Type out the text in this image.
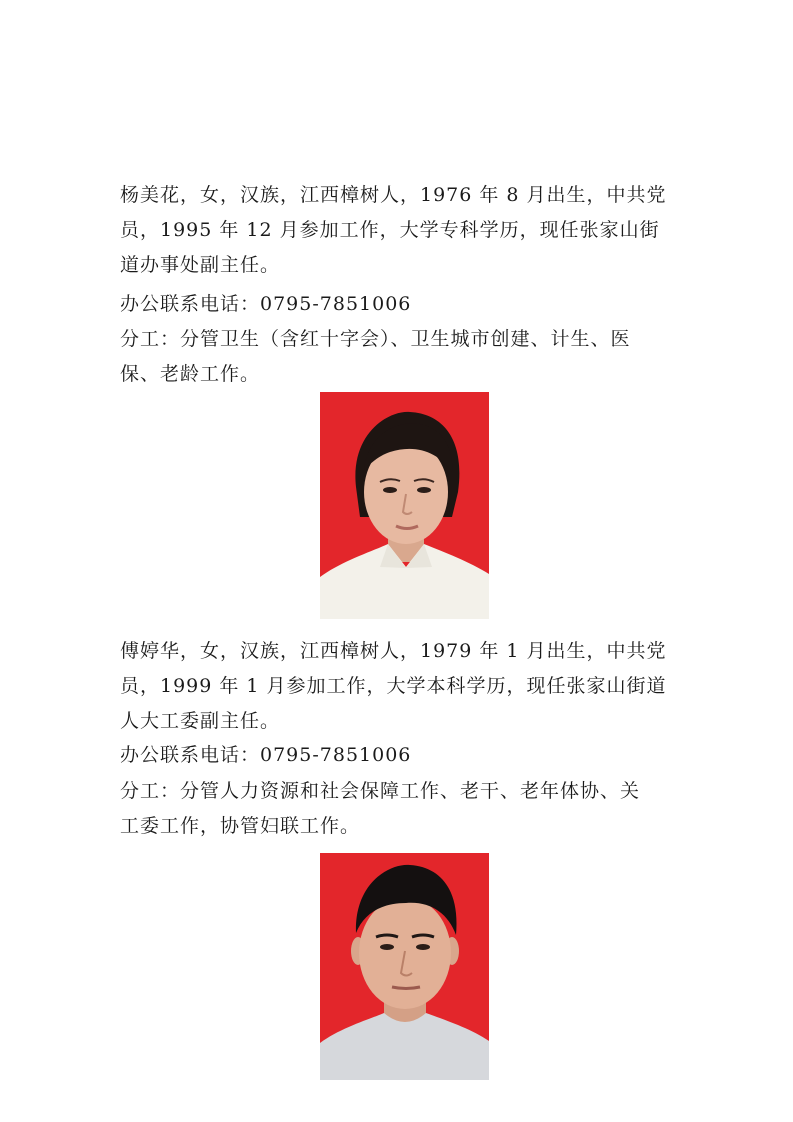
杨美花，女，汉族，江西樟树人，1976 年 8 月出生，中共党

员，1995 年 12 月参加工作，大学专科学历，现任张家山街

道办事处副主任。

办公联系电话：0795-7851006

分工：分管卫生（含红十字会）、卫生城市创建、计生、医

保、老龄工作。

傅婷华，女，汉族，江西樟树人，1979 年 1 月出生，中共党

员，1999 年 1 月参加工作，大学本科学历，现任张家山街道

人大工委副主任。

办公联系电话：0795-7851006

分工：分管人力资源和社会保障工作、老干、老年体协、关

工委工作，协管妇联工作。
